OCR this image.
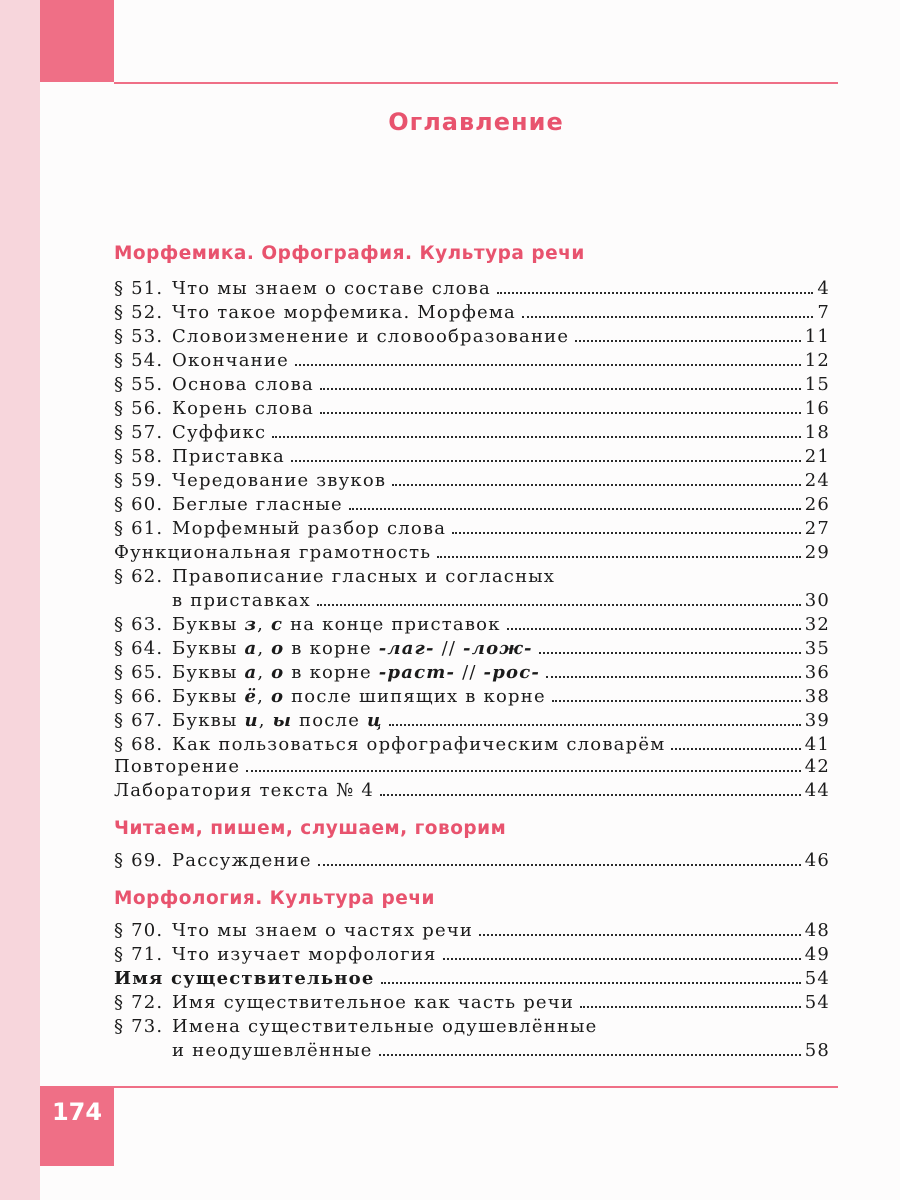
Оглавление
Морфемика. Орфография. Культура речи
§ 51. Что мы знаем о составе слова	4
§ 52. Что такое морфемика. Морфема	7
§ 53. Словоизменение и словообразование	11
§ 54. Окончание	12
§ 55. Основа слова	15
§ 56. Корень слова	16
§ 57. Суффикс	18
§ 58. Приставка	21
§ 59. Чередование звуков	24
§ 60. Беглые гласные	26
§ 61. Морфемный разбор слова	27
Функциональная грамотность	29
§ 62. Правописание гласных и согласных
в приставках	30
§ 63. Буквы з, с на конце приставок	32
§ 64. Буквы а, о в корне -лаг- // -лож-	35
§ 65. Буквы а, о в корне -раст- // -рос-	36
§ 66. Буквы ё, о после шипящих в корне	38
§ 67. Буквы и, ы после ц	39
§ 68. Как пользоваться орфографическим словарём	41
Повторение	42
Лаборатория текста № 4	44
Читаем, пишем, слушаем, говорим
§ 69. Рассуждение	46
Морфология. Культура речи
§ 70. Что мы знаем о частях речи	48
§ 71. Что изучает морфология	49
Имя существительное	54
§ 72. Имя существительное как часть речи	54
§ 73. Имена существительные одушевлённые
и неодушевлённые	58
174
